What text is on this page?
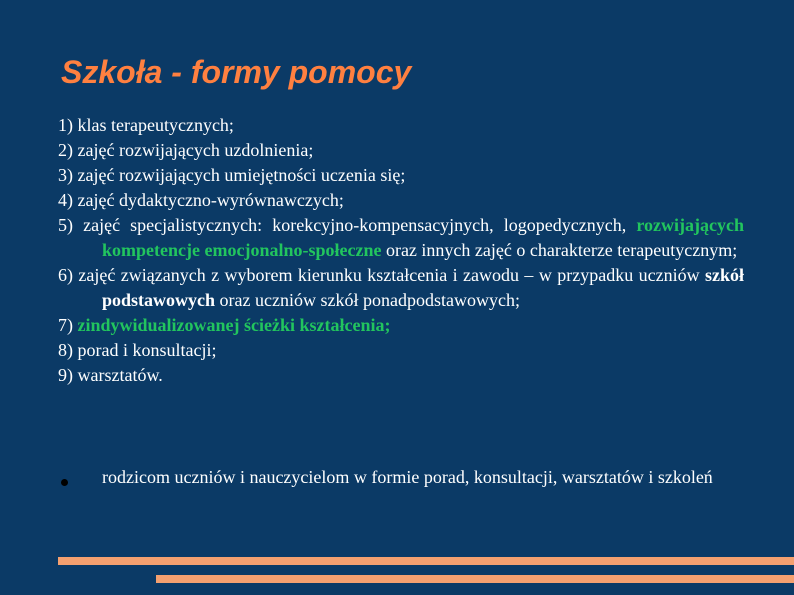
Szkoła - formy pomocy
1) klas terapeutycznych;
2) zajęć rozwijających uzdolnienia;
3) zajęć rozwijających umiejętności uczenia się;
4) zajęć dydaktyczno-wyrównawczych;
5) zajęć specjalistycznych: korekcyjno-kompensacyjnych, logopedycznych, rozwijających kompetencje emocjonalno-społeczne oraz innych zajęć o charakterze terapeutycznym;
6) zajęć związanych z wyborem kierunku kształcenia i zawodu – w przypadku uczniów szkół podstawowych oraz uczniów szkół ponadpodstawowych;
7) zindywidualizowanej ścieżki kształcenia;
8) porad i konsultacji;
9) warsztatów.
rodzicom uczniów i nauczycielom w formie porad, konsultacji, warsztatów i szkoleń
